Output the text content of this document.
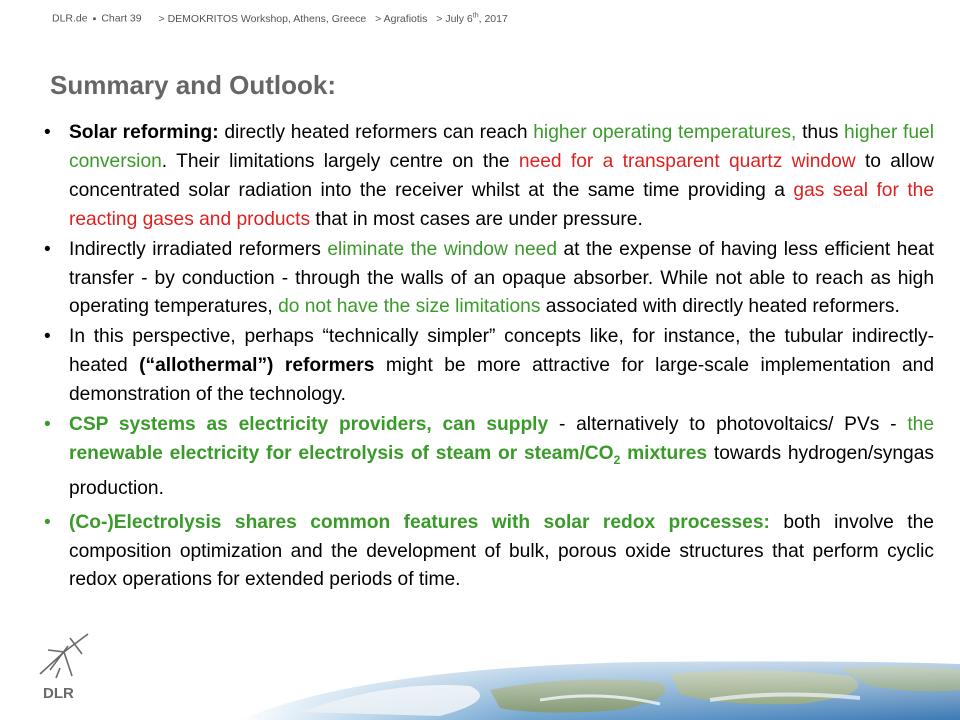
DLR.de ▪ Chart 39 > DEMOKRITOS Workshop, Athens, Greece > Agrafiotis > July 6th, 2017
Summary and Outlook:
• Solar reforming: directly heated reformers can reach higher operating temperatures, thus higher fuel conversion. Their limitations largely centre on the need for a transparent quartz window to allow concentrated solar radiation into the receiver whilst at the same time providing a gas seal for the reacting gases and products that in most cases are under pressure.
• Indirectly irradiated reformers eliminate the window need at the expense of having less efficient heat transfer - by conduction - through the walls of an opaque absorber. While not able to reach as high operating temperatures, do not have the size limitations associated with directly heated reformers.
• In this perspective, perhaps “technically simpler” concepts like, for instance, the tubular indirectly-heated (“allothermal”) reformers might be more attractive for large-scale implementation and demonstration of the technology.
• CSP systems as electricity providers, can supply - alternatively to photovoltaics/ PVs - the renewable electricity for electrolysis of steam or steam/$CO_2$ mixtures towards hydrogen/syngas production.
• (Co-)Electrolysis shares common features with solar redox processes: both involve the composition optimization and the development of bulk, porous oxide structures that perform cyclic redox operations for extended periods of time.
DLR
